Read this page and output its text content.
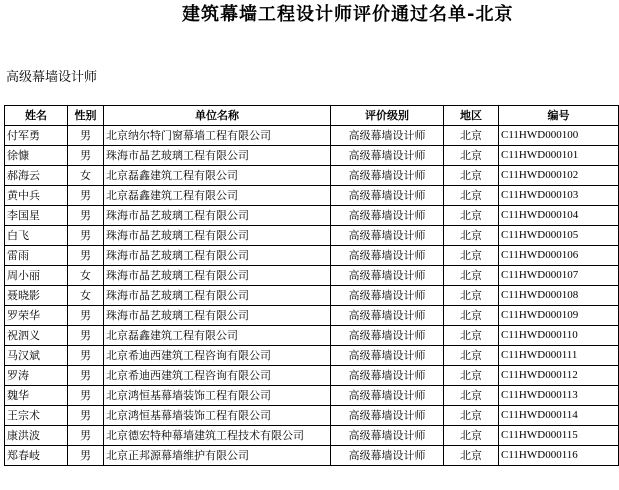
建筑幕墙工程设计师评价通过名单-北京
高级幕墙设计师
姓名	性别	单位名称	评价级别	地区	编号
付军勇	男	北京纳尔特门窗幕墙工程有限公司	高级幕墙设计师	北京	C11HWD000100
徐慷	男	珠海市晶艺玻璃工程有限公司	高级幕墙设计师	北京	C11HWD000101
郝海云	女	北京磊鑫建筑工程有限公司	高级幕墙设计师	北京	C11HWD000102
黄中兵	男	北京磊鑫建筑工程有限公司	高级幕墙设计师	北京	C11HWD000103
李国星	男	珠海市晶艺玻璃工程有限公司	高级幕墙设计师	北京	C11HWD000104
白飞	男	珠海市晶艺玻璃工程有限公司	高级幕墙设计师	北京	C11HWD000105
雷雨	男	珠海市晶艺玻璃工程有限公司	高级幕墙设计师	北京	C11HWD000106
周小丽	女	珠海市晶艺玻璃工程有限公司	高级幕墙设计师	北京	C11HWD000107
聂晓影	女	珠海市晶艺玻璃工程有限公司	高级幕墙设计师	北京	C11HWD000108
罗荣华	男	珠海市晶艺玻璃工程有限公司	高级幕墙设计师	北京	C11HWD000109
祝泗义	男	北京磊鑫建筑工程有限公司	高级幕墙设计师	北京	C11HWD000110
马汉斌	男	北京希迪西建筑工程咨询有限公司	高级幕墙设计师	北京	C11HWD000111
罗涛	男	北京希迪西建筑工程咨询有限公司	高级幕墙设计师	北京	C11HWD000112
魏华	男	北京鸿恒基幕墙装饰工程有限公司	高级幕墙设计师	北京	C11HWD000113
王宗术	男	北京鸿恒基幕墙装饰工程有限公司	高级幕墙设计师	北京	C11HWD000114
康洪波	男	北京德宏特种幕墙建筑工程技术有限公司	高级幕墙设计师	北京	C11HWD000115
郑春岐	男	北京正邦源幕墙维护有限公司	高级幕墙设计师	北京	C11HWD000116
